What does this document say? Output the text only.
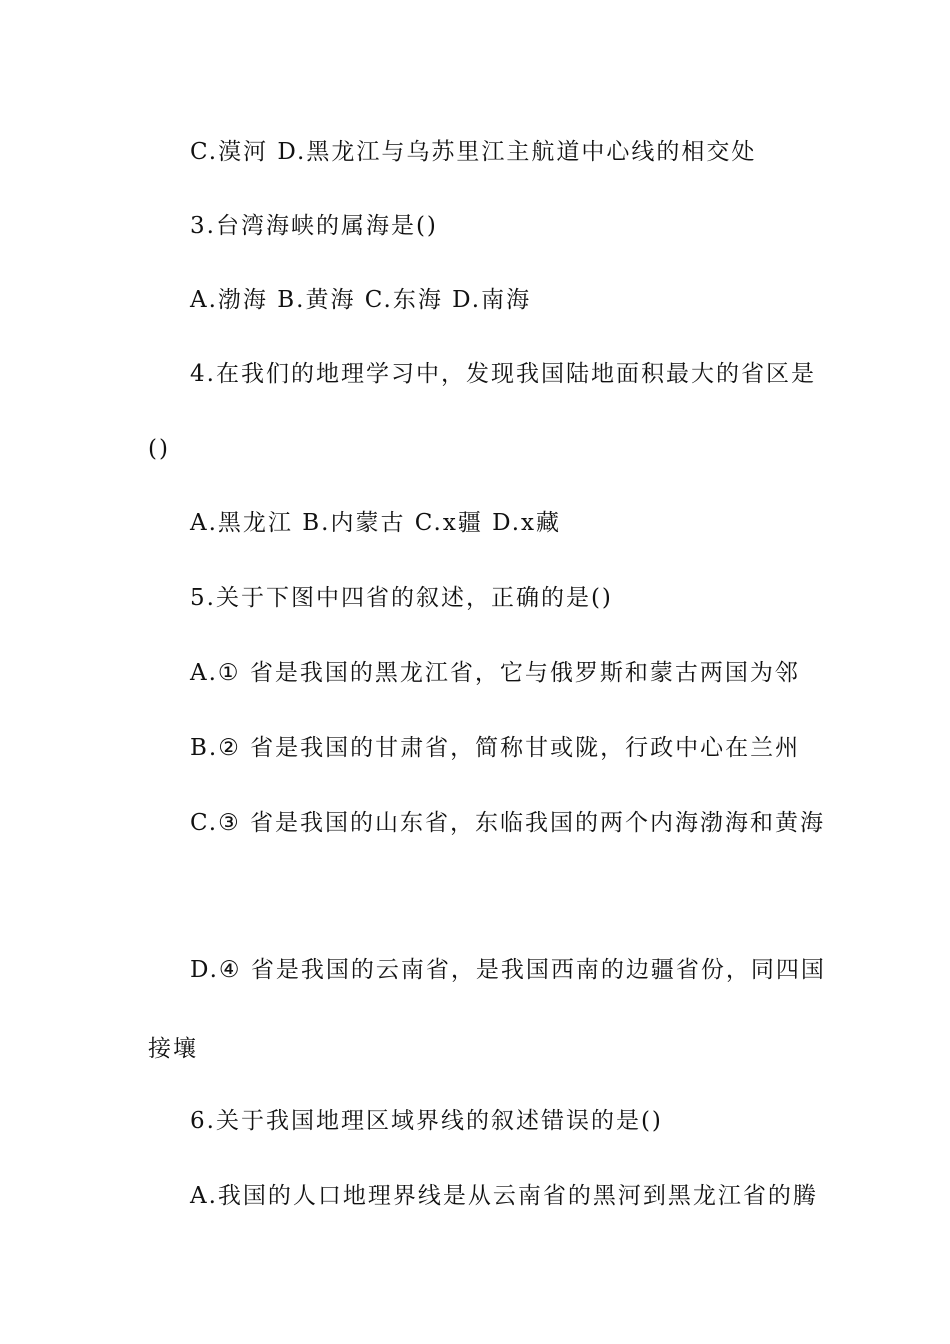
C.漠河 D.黑龙江与乌苏里江主航道中心线的相交处
3.台湾海峡的属海是()
A.渤海 B.黄海 C.东海 D.南海
4.在我们的地理学习中，发现我国陆地面积最大的省区是
()
A.黑龙江 B.内蒙古 C.x疆 D.x藏
5.关于下图中四省的叙述，正确的是()
A.① 省是我国的黑龙江省，它与俄罗斯和蒙古两国为邻
B.② 省是我国的甘肃省，简称甘或陇，行政中心在兰州
C.③ 省是我国的山东省，东临我国的两个内海渤海和黄海
D.④ 省是我国的云南省，是我国西南的边疆省份，同四国
接壤
6.关于我国地理区域界线的叙述错误的是()
A.我国的人口地理界线是从云南省的黑河到黑龙江省的腾
